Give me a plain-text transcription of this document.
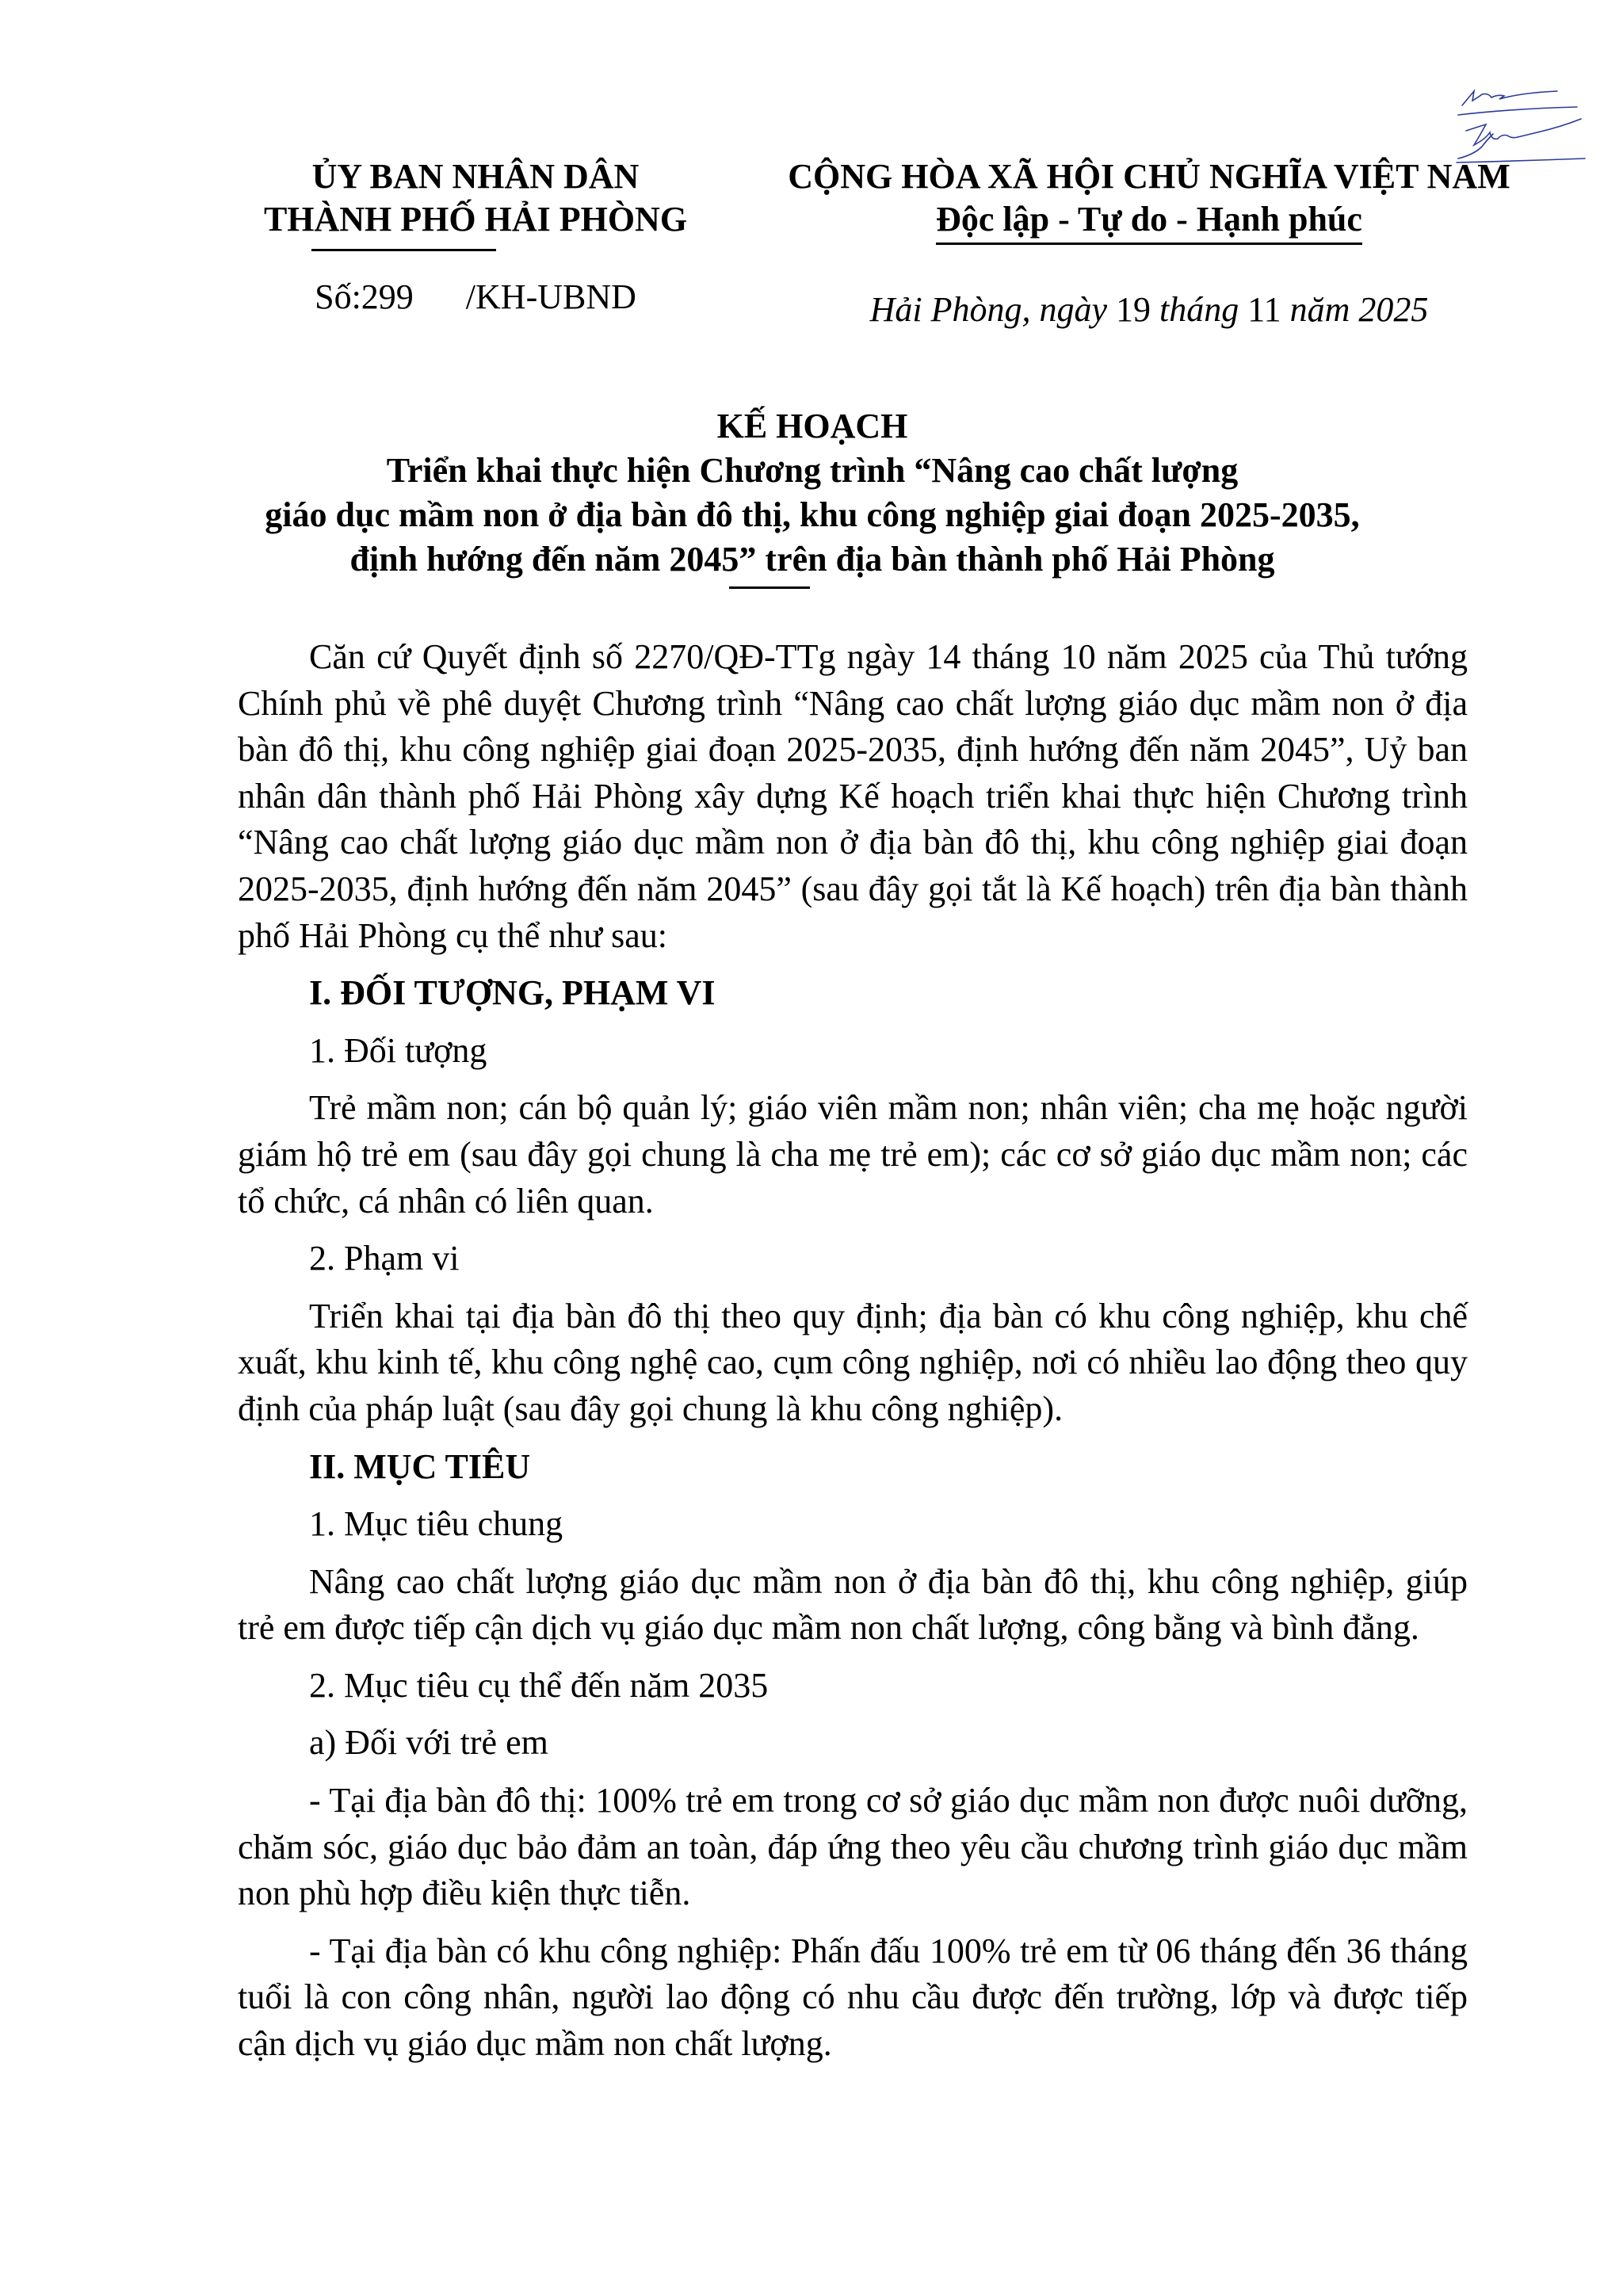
ỦY BAN NHÂN DÂN
THÀNH PHỐ HẢI PHÒNG
Số:299      /KH-UBND
CỘNG HÒA XÃ HỘI CHỦ NGHĨA VIỆT NAM
Độc lập - Tự do - Hạnh phúc
Hải Phòng, ngày 19 tháng 11 năm 2025
KẾ HOẠCH
Triển khai thực hiện Chương trình “Nâng cao chất lượng
giáo dục mầm non ở địa bàn đô thị, khu công nghiệp giai đoạn 2025-2035,
định hướng đến năm 2045” trên địa bàn thành phố Hải Phòng

Căn cứ Quyết định số 2270/QĐ-TTg ngày 14 tháng 10 năm 2025 của Thủ tướng Chính phủ về phê duyệt Chương trình “Nâng cao chất lượng giáo dục mầm non ở địa bàn đô thị, khu công nghiệp giai đoạn 2025-2035, định hướng đến năm 2045”, Uỷ ban nhân dân thành phố Hải Phòng xây dựng Kế hoạch triển khai thực hiện Chương trình “Nâng cao chất lượng giáo dục mầm non ở địa bàn đô thị, khu công nghiệp giai đoạn 2025-2035, định hướng đến năm 2045” (sau đây gọi tắt là Kế hoạch) trên địa bàn thành phố Hải Phòng cụ thể như sau:

I. ĐỐI TƯỢNG, PHẠM VI

1. Đối tượng

Trẻ mầm non; cán bộ quản lý; giáo viên mầm non; nhân viên; cha mẹ hoặc người giám hộ trẻ em (sau đây gọi chung là cha mẹ trẻ em); các cơ sở giáo dục mầm non; các tổ chức, cá nhân có liên quan.

2. Phạm vi

Triển khai tại địa bàn đô thị theo quy định; địa bàn có khu công nghiệp, khu chế xuất, khu kinh tế, khu công nghệ cao, cụm công nghiệp, nơi có nhiều lao động theo quy định của pháp luật (sau đây gọi chung là khu công nghiệp).

II. MỤC TIÊU

1. Mục tiêu chung

Nâng cao chất lượng giáo dục mầm non ở địa bàn đô thị, khu công nghiệp, giúp trẻ em được tiếp cận dịch vụ giáo dục mầm non chất lượng, công bằng và bình đẳng.

2. Mục tiêu cụ thể đến năm 2035

a) Đối với trẻ em

- Tại địa bàn đô thị: 100% trẻ em trong cơ sở giáo dục mầm non được nuôi dưỡng, chăm sóc, giáo dục bảo đảm an toàn, đáp ứng theo yêu cầu chương trình giáo dục mầm non phù hợp điều kiện thực tiễn.

- Tại địa bàn có khu công nghiệp: Phấn đấu 100% trẻ em từ 06 tháng đến 36 tháng tuổi là con công nhân, người lao động có nhu cầu được đến trường, lớp và được tiếp cận dịch vụ giáo dục mầm non chất lượng.
